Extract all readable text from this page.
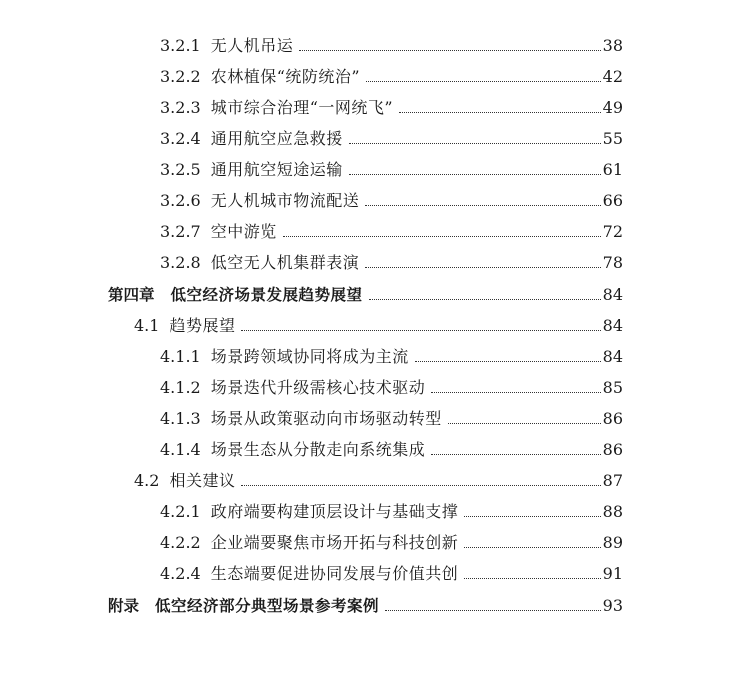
3.2.1 无人机吊运	38
3.2.2 农林植保“统防统治”	42
3.2.3 城市综合治理“一网统飞”	49
3.2.4 通用航空应急救援	55
3.2.5 通用航空短途运输	61
3.2.6 无人机城市物流配送	66
3.2.7 空中游览	72
3.2.8 低空无人机集群表演	78
第四章 低空经济场景发展趋势展望	84
4.1 趋势展望	84
4.1.1 场景跨领域协同将成为主流	84
4.1.2 场景迭代升级需核心技术驱动	85
4.1.3 场景从政策驱动向市场驱动转型	86
4.1.4 场景生态从分散走向系统集成	86
4.2 相关建议	87
4.2.1 政府端要构建顶层设计与基础支撑	88
4.2.2 企业端要聚焦市场开拓与科技创新	89
4.2.4 生态端要促进协同发展与价值共创	91
附录 低空经济部分典型场景参考案例	93
